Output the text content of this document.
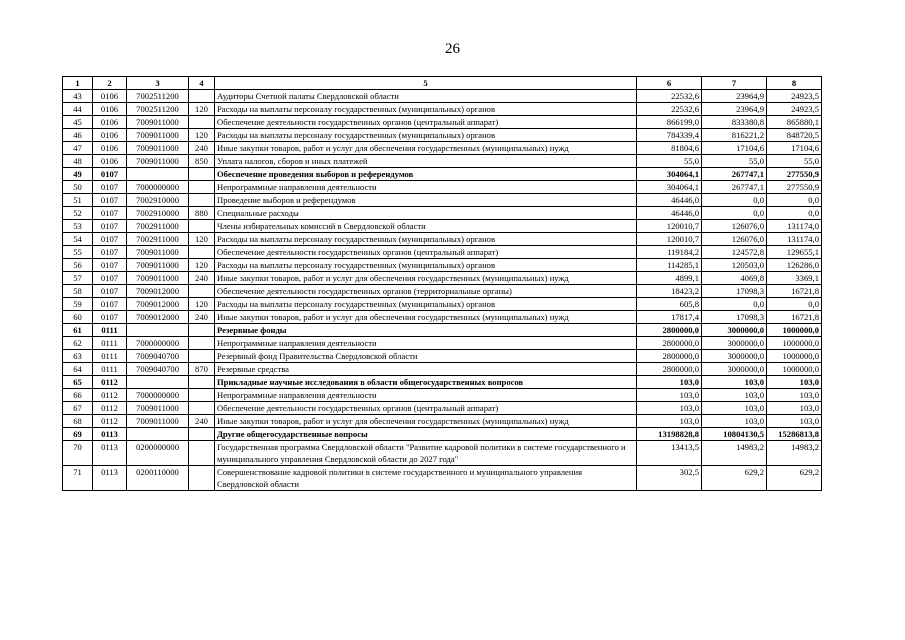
26
1	2	3	4	5	6	7	8
43	0106	7002511200		Аудиторы Счетной палаты Свердловской области	22532,6	23964,9	24923,5
44	0106	7002511200	120	Расходы на выплаты персоналу государственных (муниципальных) органов	22532,6	23964,9	24923,5
45	0106	7009011000		Обеспечение деятельности государственных органов (центральный аппарат)	866199,0	833380,8	865880,1
46	0106	7009011000	120	Расходы на выплаты персоналу государственных (муниципальных) органов	784339,4	816221,2	848720,5
47	0106	7009011000	240	Иные закупки товаров, работ и услуг для обеспечения государственных (муниципальных) нужд	81804,6	17104,6	17104,6
48	0106	7009011000	850	Уплата налогов, сборов и иных платежей	55,0	55,0	55,0
49	0107			Обеспечение проведения выборов и референдумов	304064,1	267747,1	277550,9
50	0107	7000000000		Непрограммные направления деятельности	304064,1	267747,1	277550,9
51	0107	7002910000		Проведение выборов и референдумов	46446,0	0,0	0,0
52	0107	7002910000	880	Специальные расходы	46446,0	0,0	0,0
53	0107	7002911000		Члены избирательных комиссий в Свердловской области	120010,7	126076,0	131174,0
54	0107	7002911000	120	Расходы на выплаты персоналу государственных (муниципальных) органов	120010,7	126076,0	131174,0
55	0107	7009011000		Обеспечение деятельности государственных органов (центральный аппарат)	119184,2	124572,8	129655,1
56	0107	7009011000	120	Расходы на выплаты персоналу государственных (муниципальных) органов	114285,1	120503,0	126286,0
57	0107	7009011000	240	Иные закупки товаров, работ и услуг для обеспечения государственных (муниципальных) нужд	4899,1	4069,8	3369,1
58	0107	7009012000		Обеспечение деятельности государственных органов (территориальные органы)	18423,2	17098,3	16721,8
59	0107	7009012000	120	Расходы на выплаты персоналу государственных (муниципальных) органов	605,8	0,0	0,0
60	0107	7009012000	240	Иные закупки товаров, работ и услуг для обеспечения государственных (муниципальных) нужд	17817,4	17098,3	16721,8
61	0111			Резервные фонды	2800000,0	3000000,0	1000000,0
62	0111	7000000000		Непрограммные направления деятельности	2800000,0	3000000,0	1000000,0
63	0111	7009040700		Резервный фонд Правительства Свердловской области	2800000,0	3000000,0	1000000,0
64	0111	7009040700	870	Резервные средства	2800000,0	3000000,0	1000000,0
65	0112			Прикладные научные исследования в области общегосударственных вопросов	103,0	103,0	103,0
66	0112	7000000000		Непрограммные направления деятельности	103,0	103,0	103,0
67	0112	7009011000		Обеспечение деятельности государственных органов (центральный аппарат)	103,0	103,0	103,0
68	0112	7009011000	240	Иные закупки товаров, работ и услуг для обеспечения государственных (муниципальных) нужд	103,0	103,0	103,0
69	0113			Другие общегосударственные вопросы	13198828,8	10804130,5	15286813,8
70	0113	0200000000		Государственная программа Свердловской области "Развитие кадровой политики в системе государственного и муниципального управления Свердловской области до 2027 года"	13413,5	14983,2	14983,2
71	0113	0200110000		Совершенствование кадровой политики в системе государственного и муниципального управления Свердловской области	302,5	629,2	629,2
